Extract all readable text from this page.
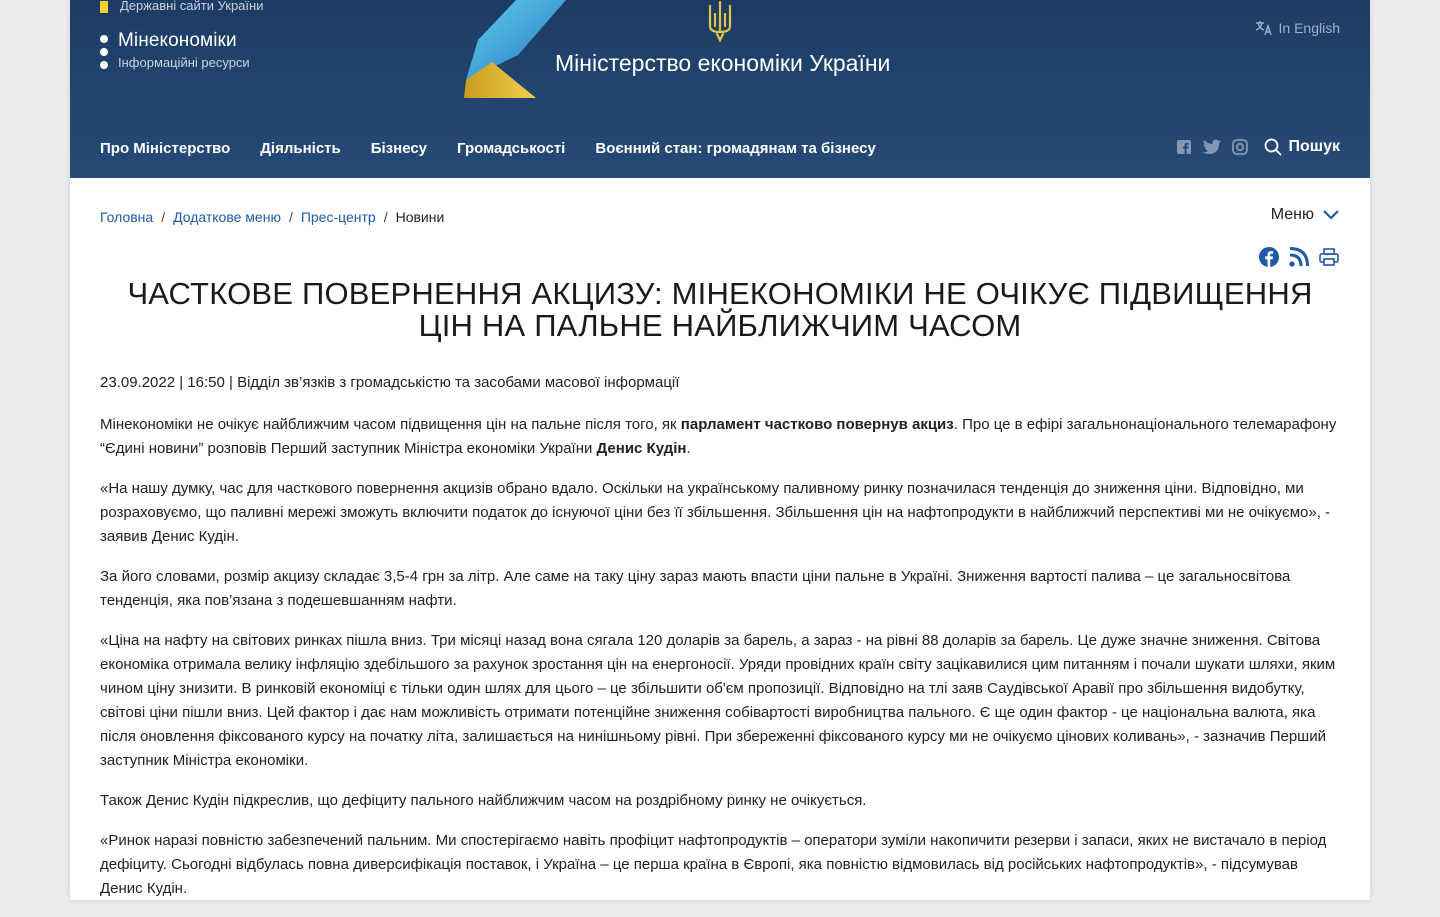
Державні сайти України
Мінекономіки
Інформаційні ресурси	Міністерство економіки України
In English
Про Міністерство Діяльність Бізнесу Громадськості Воєнний стан: громадянам та бізнесу	Пошук
Головна / Додаткове меню / Прес-центр / Новини	Меню
ЧАСТКОВЕ ПОВЕРНЕННЯ АКЦИЗУ: МІНЕКОНОМІКИ НЕ ОЧІКУЄ ПІДВИЩЕННЯ ЦІН НА ПАЛЬНЕ НАЙБЛИЖЧИМ ЧАСОМ
23.09.2022 | 16:50 | Відділ зв’язків з громадськістю та засобами масової інформації

Мінекономіки не очікує найближчим часом підвищення цін на пальне після того, як парламент частково повернув акциз. Про це в ефірі загальнонаціонального телемарафону “Єдині новини” розповів Перший заступник Міністра економіки України Денис Кудін.

«На нашу думку, час для часткового повернення акцизів обрано вдало. Оскільки на українському паливному ринку позначилася тенденція до зниження ціни. Відповідно, ми розраховуємо, що паливні мережі зможуть включити податок до існуючої ціни без її збільшення. Збільшення цін на нафтопродукти в найближчий перспективі ми не очікуємо», - заявив Денис Кудін.

За його словами, розмір акцизу складає 3,5-4 грн за літр. Але саме на таку ціну зараз мають впасти ціни пальне в Україні. Зниження вартості палива – це загальносвітова тенденція, яка пов’язана з подешевшанням нафти.

«Ціна на нафту на світових ринках пішла вниз. Три місяці назад вона сягала 120 доларів за барель, а зараз - на рівні 88 доларів за барель. Це дуже значне зниження. Світова економіка отримала велику інфляцію здебільшого за рахунок зростання цін на енергоносії. Уряди провідних країн світу зацікавилися цим питанням і почали шукати шляхи, яким чином ціну знизити. В ринковій економіці є тільки один шлях для цього – це збільшити об'єм пропозиції. Відповідно на тлі заяв Саудівської Аравії про збільшення видобутку, світові ціни пішли вниз. Цей фактор і дає нам можливість отримати потенційне зниження собівартості виробництва пального. Є ще один фактор - це національна валюта, яка після оновлення фіксованого курсу на початку літа, залишається на нинішньому рівні. При збереженні фіксованого курсу ми не очікуємо цінових коливань», - зазначив Перший заступник Міністра економіки.

Також Денис Кудін підкреслив, що дефіциту пального найближчим часом на роздрібному ринку не очікується.

«Ринок наразі повністю забезпечений пальним. Ми спостерігаємо навіть профіцит нафтопродуктів – оператори зуміли накопичити резерви і запаси, яких не вистачало в період дефіциту. Сьогодні відбулась повна диверсифікація поставок, і Україна – це перша країна в Європі, яка повністю відмовилась від російських нафтопродуктів», - підсумував Денис Кудін.
